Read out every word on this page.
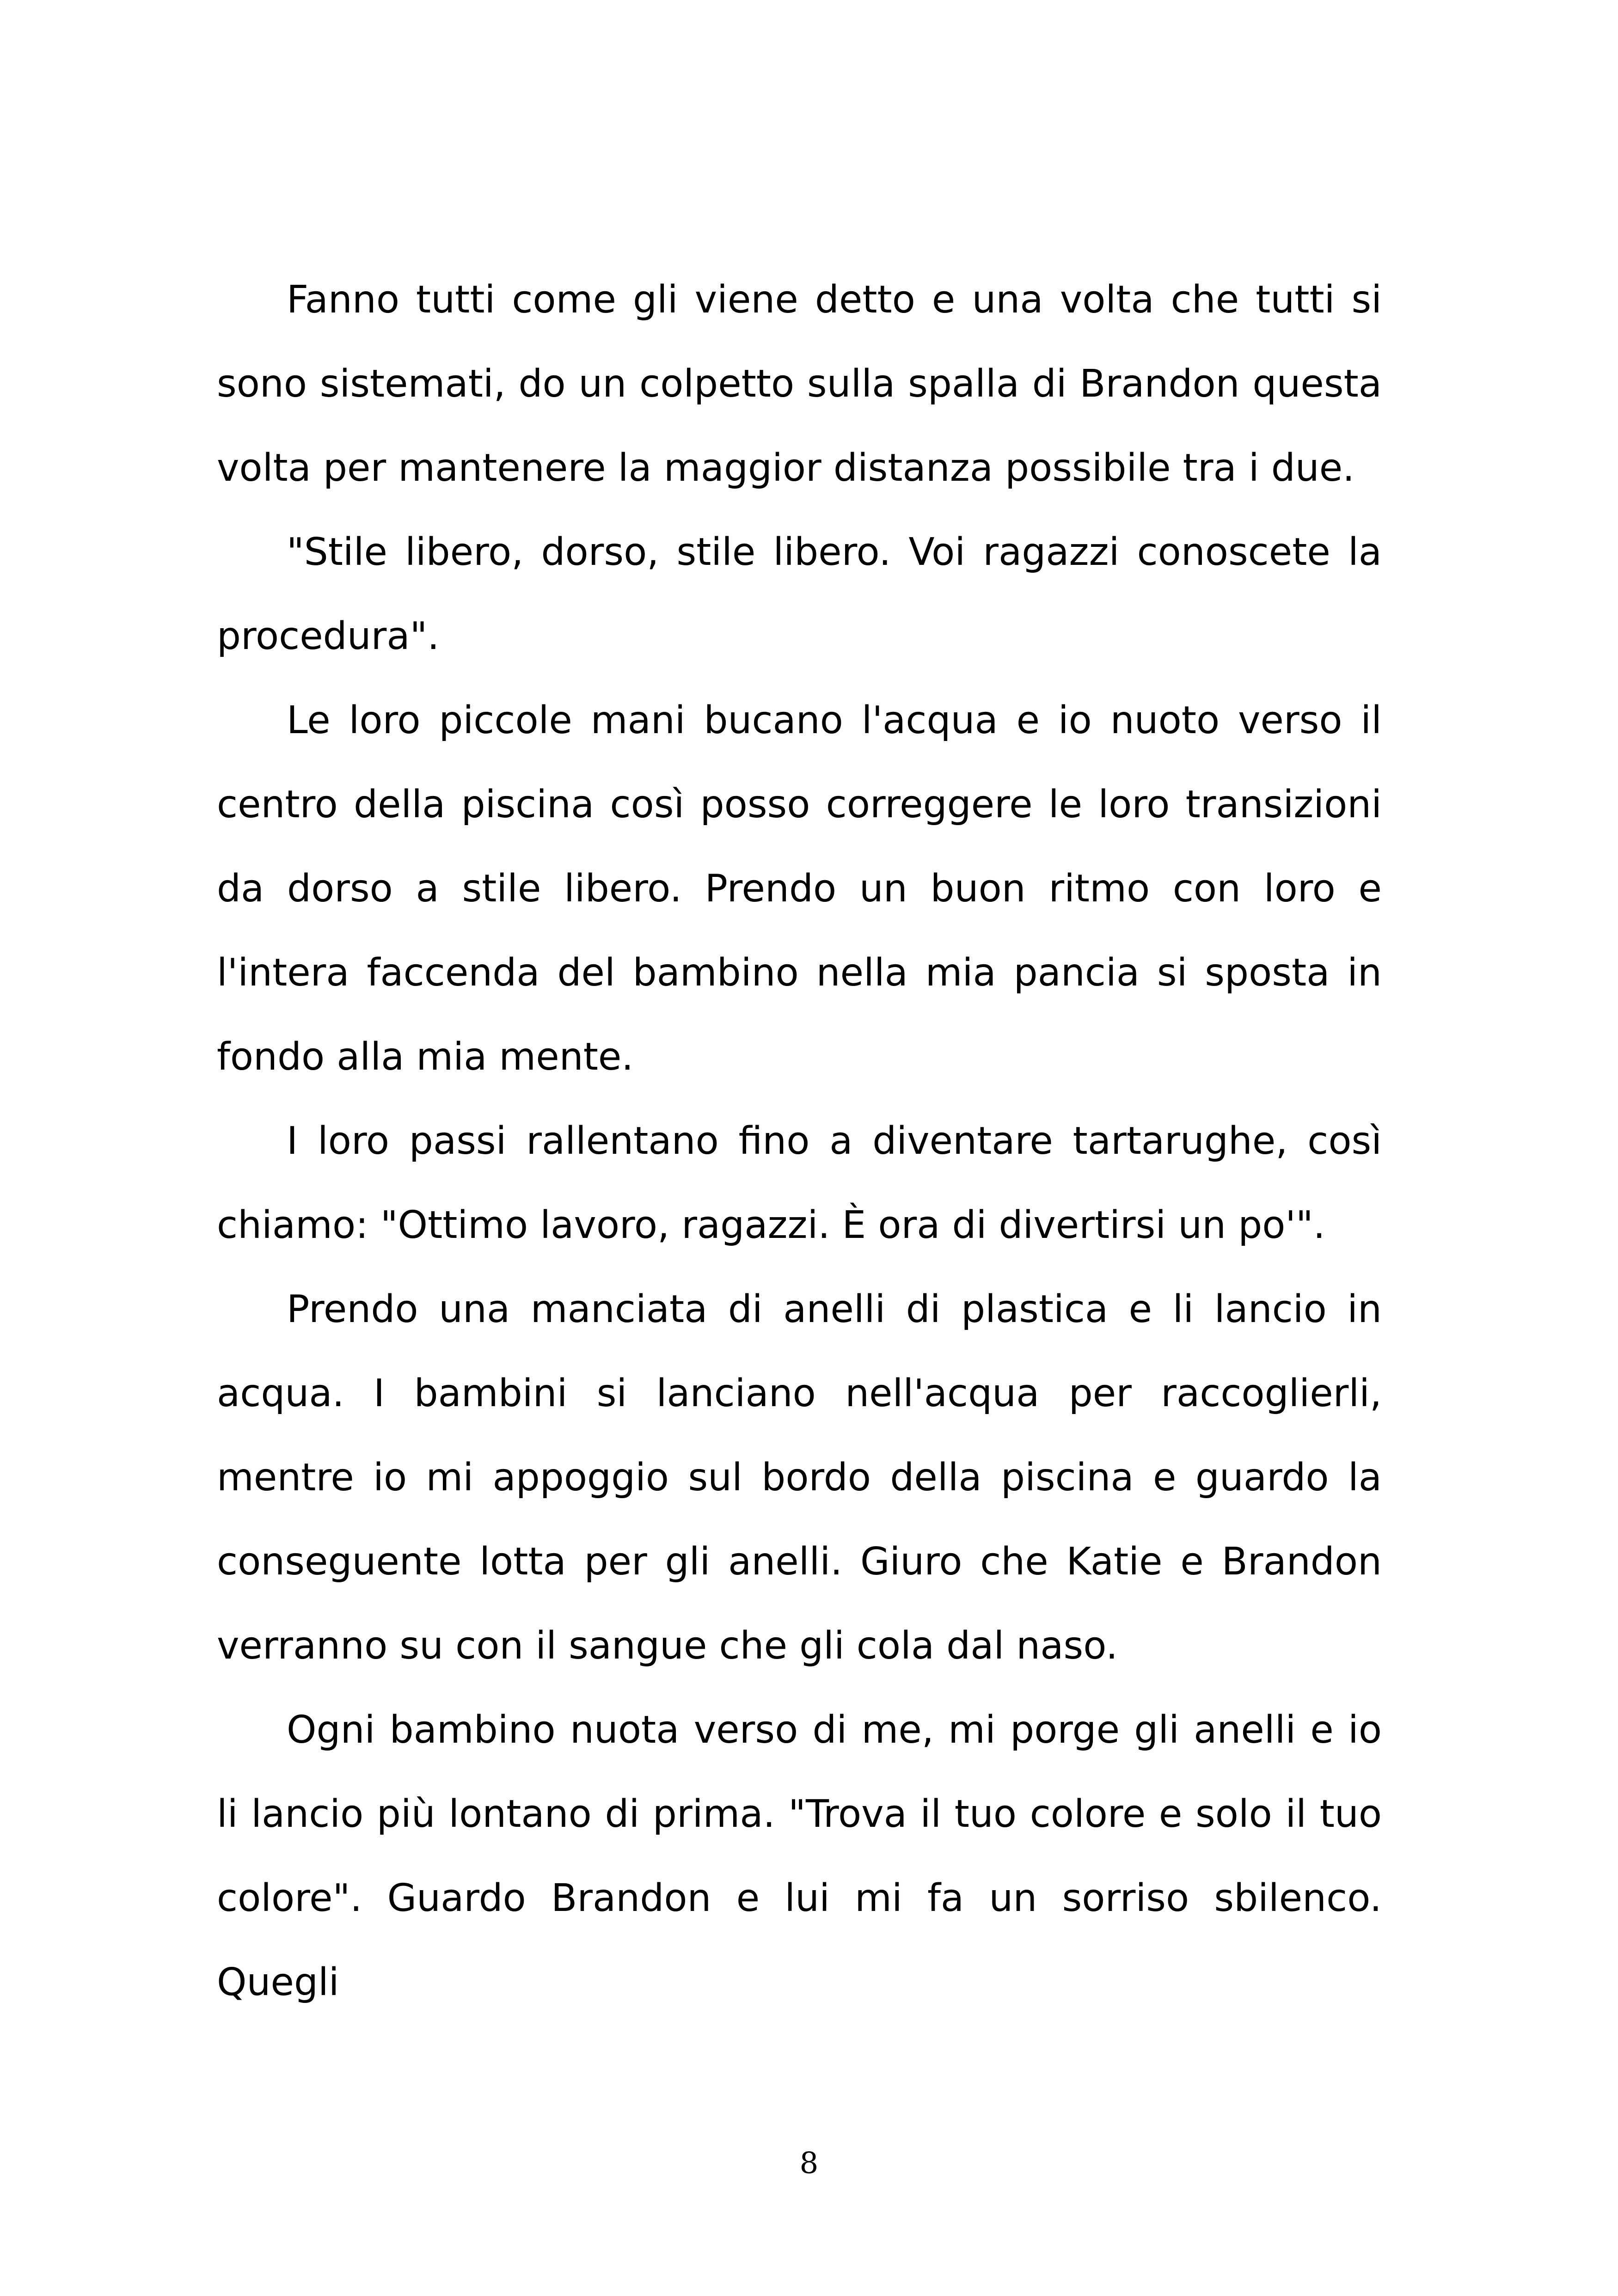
Fanno tutti come gli viene detto e una volta che tutti si sono sistemati, do un colpetto sulla spalla di Brandon questa volta per mantenere la maggior distanza possibile tra i due.

"Stile libero, dorso, stile libero. Voi ragazzi conoscete la procedura".

Le loro piccole mani bucano l'acqua e io nuoto verso il centro della piscina così posso correggere le loro transizioni da dorso a stile libero. Prendo un buon ritmo con loro e l'intera faccenda del bambino nella mia pancia si sposta in fondo alla mia mente.

I loro passi rallentano fino a diventare tartarughe, così chiamo: "Ottimo lavoro, ragazzi. È ora di divertirsi un po'".

Prendo una manciata di anelli di plastica e li lancio in acqua. I bambini si lanciano nell'acqua per raccoglierli, mentre io mi appoggio sul bordo della piscina e guardo la conseguente lotta per gli anelli. Giuro che Katie e Brandon verranno su con il sangue che gli cola dal naso.

Ogni bambino nuota verso di me, mi porge gli anelli e io li lancio più lontano di prima. "Trova il tuo colore e solo il tuo colore". Guardo Brandon e lui mi fa un sorriso sbilenco. Quegli

8
